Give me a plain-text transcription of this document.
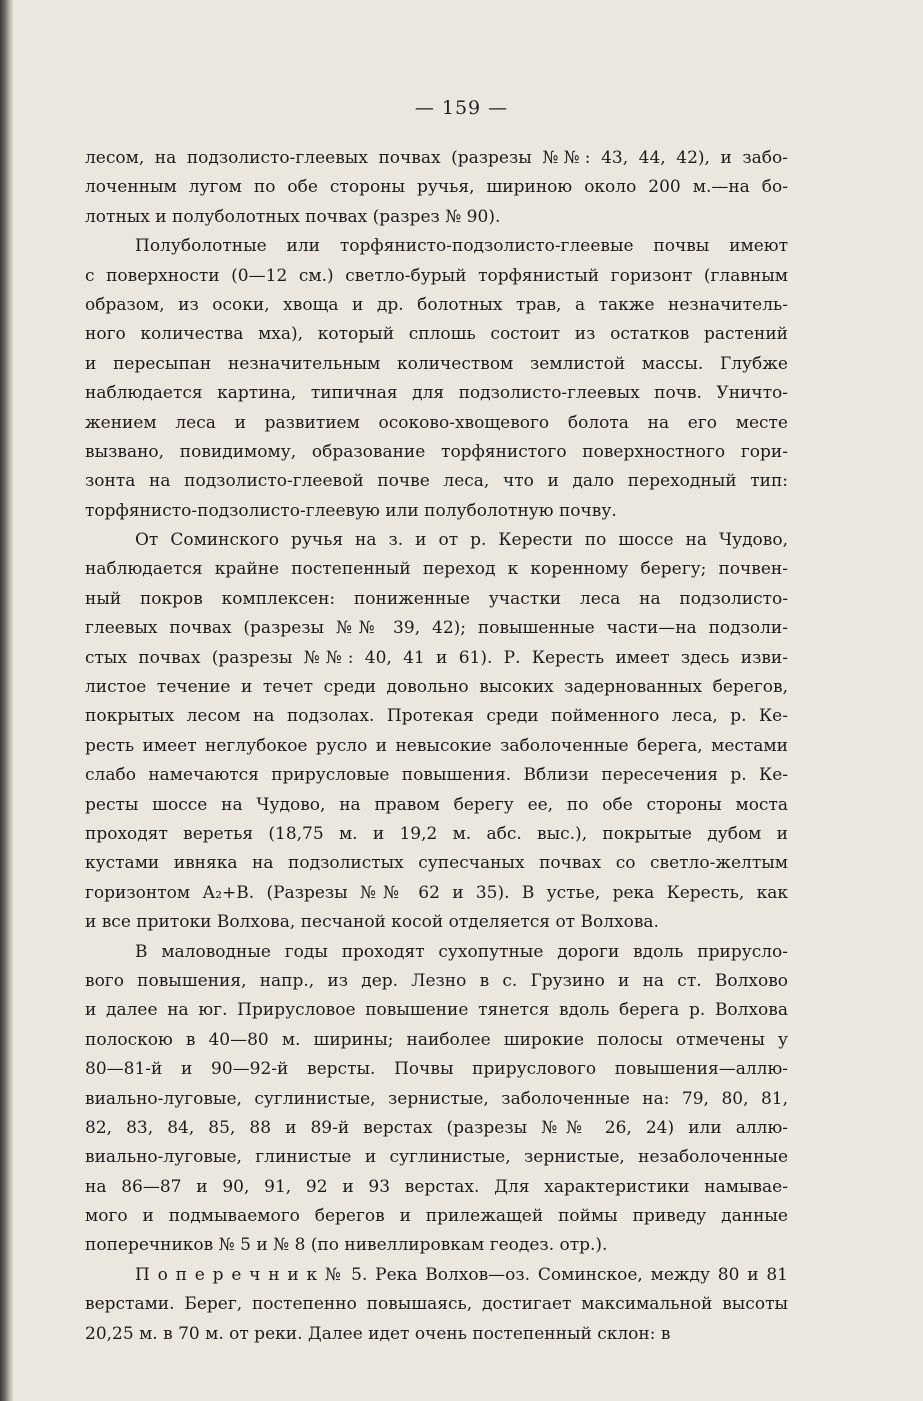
— 159 —
лесом, на подзолисто-глеевых почвах (разрезы №№: 43, 44, 42), и забо-
лоченным лугом по обе стороны ручья, шириною около 200 м.—на бо-
лотных и полуболотных почвах (разрез № 90).
Полуболотные или торфянисто-подзолисто-глеевые почвы имеют
с поверхности (0—12 см.) светло-бурый торфянистый горизонт (главным
образом, из осоки, хвоща и др. болотных трав, а также незначитель-
ного количества мха), который сплошь состоит из остатков растений
и пересыпан незначительным количеством землистой массы. Глубже
наблюдается картина, типичная для подзолисто-глеевых почв. Уничто-
жением леса и развитием осоково-хвощевого болота на его месте
вызвано, повидимому, образование торфянистого поверхностного гори-
зонта на подзолисто-глеевой почве леса, что и дало переходный тип:
торфянисто-подзолисто-глеевую или полуболотную почву.
От Соминского ручья на з. и от р. Керести по шоссе на Чудово,
наблюдается крайне постепенный переход к коренному берегу; почвен-
ный покров комплексен: пониженные участки леса на подзолисто-
глеевых почвах (разрезы №№ 39, 42); повышенные части—на подзоли-
стых почвах (разрезы №№: 40, 41 и 61). Р. Кересть имеет здесь изви-
листое течение и течет среди довольно высоких задернованных берегов,
покрытых лесом на подзолах. Протекая среди пойменного леса, р. Ке-
ресть имеет неглубокое русло и невысокие заболоченные берега, местами
слабо намечаются прирусловые повышения. Вблизи пересечения р. Ке-
ресты шоссе на Чудово, на правом берегу ее, по обе стороны моста
проходят веретья (18,75 м. и 19,2 м. абс. выс.), покрытые дубом и
кустами ивняка на подзолистых супесчаных почвах со светло-желтым
горизонтом А₂+В. (Разрезы №№ 62 и 35). В устье, река Кересть, как
и все притоки Волхова, песчаной косой отделяется от Волхова.
В маловодные годы проходят сухопутные дороги вдоль прирусло-
вого повышения, напр., из дер. Лезно в с. Грузино и на ст. Волхово
и далее на юг. Прирусловое повышение тянется вдоль берега р. Волхова
полоскою в 40—80 м. ширины; наиболее широкие полосы отмечены у
80—81-й и 90—92-й версты. Почвы прируслового повышения—аллю-
виально-луговые, суглинистые, зернистые, заболоченные на: 79, 80, 81,
82, 83, 84, 85, 88 и 89-й верстах (разрезы №№ 26, 24) или аллю-
виально-луговые, глинистые и суглинистые, зернистые, незаболоченные
на 86—87 и 90, 91, 92 и 93 верстах. Для характеристики намывае-
мого и подмываемого берегов и прилежащей поймы приведу данные
поперечников № 5 и № 8 (по нивеллировкам геодез. отр.).
П о п е р е ч н и к № 5. Река Волхов—оз. Соминское, между 80 и 81
верстами. Берег, постепенно повышаясь, достигает максимальной высоты
20,25 м. в 70 м. от реки. Далее идет очень постепенный склон: в
